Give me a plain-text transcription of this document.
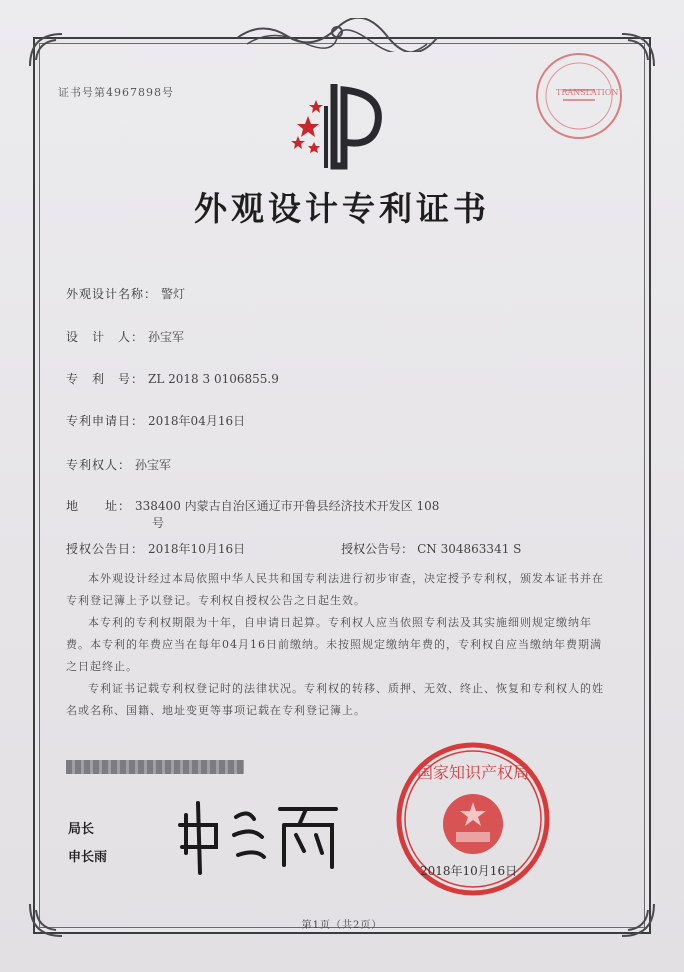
证书号第4967898号	TRANSLATION
外观设计专利证书
外观设计名称： 警灯
设　计　人： 孙宝军
专　利　号： ZL 2018 3 0106855.9
专利申请日： 2018年04月16日
专利权人： 孙宝军
地　　址： 338400 内蒙古自治区通辽市开鲁县经济技术开发区 108
号
授权公告日： 2018年10月16日	授权公告号： CN 304863341 S

本外观设计经过本局依照中华人民共和国专利法进行初步审查，决定授予专利权，颁发本证书并在专利登记簿上予以登记。专利权自授权公告之日起生效。

本专利的专利权期限为十年，自申请日起算。专利权人应当依照专利法及其实施细则规定缴纳年费。本专利的年费应当在每年04月16日前缴纳。未按照规定缴纳年费的，专利权自应当缴纳年费期满之日起终止。

专利证书记载专利权登记时的法律状况。专利权的转移、质押、无效、终止、恢复和专利权人的姓名或名称、国籍、地址变更等事项记载在专利登记簿上。

局长
申长雨
国家知识产权局
2018年10月16日
第1页（共2页）
